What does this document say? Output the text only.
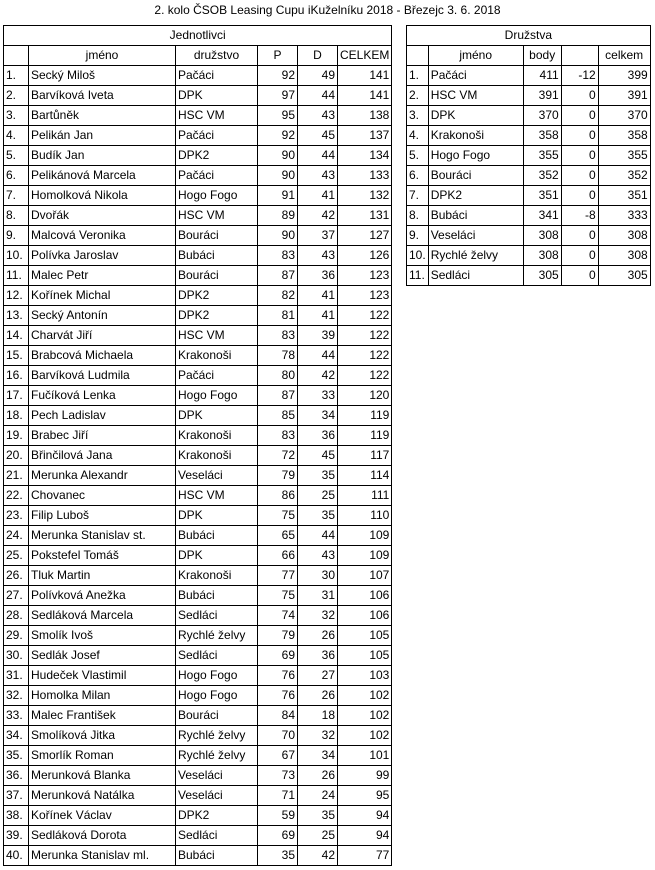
2. kolo ČSOB Leasing Cupu iKuželníku 2018 - Březejc 3. 6. 2018
Jednotlivci					
	jméno	družstvo	P	D	CELKEM
1.	Secký Miloš	Pačáci	92	49	141
2.	Barvíková Iveta	DPK	97	44	141
3.	Bartůněk	HSC VM	95	43	138
4.	Pelikán Jan	Pačáci	92	45	137
5.	Budík Jan	DPK2	90	44	134
6.	Pelikánová Marcela	Pačáci	90	43	133
7.	Homolková Nikola	Hogo Fogo	91	41	132
8.	Dvořák	HSC VM	89	42	131
9.	Malcová Veronika	Bouráci	90	37	127
10.	Polívka Jaroslav	Bubáci	83	43	126
11.	Malec Petr	Bouráci	87	36	123
12.	Kořínek Michal	DPK2	82	41	123
13.	Secký Antonín	DPK2	81	41	122
14.	Charvát Jiří	HSC VM	83	39	122
15.	Brabcová Michaela	Krakonoši	78	44	122
16.	Barvíková Ludmila	Pačáci	80	42	122
17.	Fučíková Lenka	Hogo Fogo	87	33	120
18.	Pech Ladislav	DPK	85	34	119
19.	Brabec Jiří	Krakonoši	83	36	119
20.	Břinčilová Jana	Krakonoši	72	45	117
21.	Merunka Alexandr	Veseláci	79	35	114
22.	Chovanec	HSC VM	86	25	111
23.	Filip Luboš	DPK	75	35	110
24.	Merunka Stanislav st.	Bubáci	65	44	109
25.	Pokstefel Tomáš	DPK	66	43	109
26.	Tluk Martin	Krakonoši	77	30	107
27.	Polívková Anežka	Bubáci	75	31	106
28.	Sedláková Marcela	Sedláci	74	32	106
29.	Smolík Ivoš	Rychlé želvy	79	26	105
30.	Sedlák Josef	Sedláci	69	36	105
31.	Hudeček Vlastimil	Hogo Fogo	76	27	103
32.	Homolka Milan	Hogo Fogo	76	26	102
33.	Malec František	Bouráci	84	18	102
34.	Smolíková Jitka	Rychlé želvy	70	32	102
35.	Smorlík Roman	Rychlé želvy	67	34	101
36.	Merunková Blanka	Veseláci	73	26	99
37.	Merunková Natálka	Veseláci	71	24	95
38.	Kořínek Václav	DPK2	59	35	94
39.	Sedláková Dorota	Sedláci	69	25	94
40.	Merunka Stanislav ml.	Bubáci	35	42	77
Družstva				
	jméno	body		celkem
1.	Pačáci	411	-12	399
2.	HSC VM	391	0	391
3.	DPK	370	0	370
4.	Krakonoši	358	0	358
5.	Hogo Fogo	355	0	355
6.	Bouráci	352	0	352
7.	DPK2	351	0	351
8.	Bubáci	341	-8	333
9.	Veseláci	308	0	308
10.	Rychlé želvy	308	0	308
11.	Sedláci	305	0	305
